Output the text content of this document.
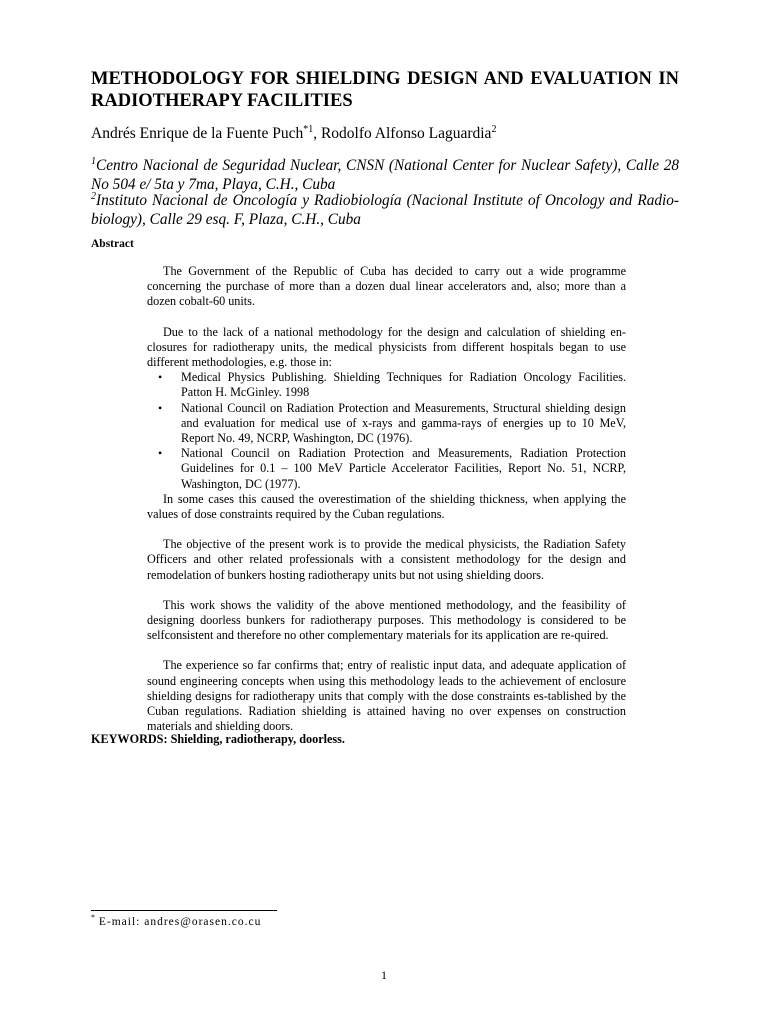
METHODOLOGY FOR SHIELDING DESIGN AND EVALUATION IN RADIOTHERAPY FACILITIES
Andrés Enrique de la Fuente Puch$^{*1}$, Rodolfo Alfonso Laguardia$^2$
$^1$Centro Nacional de Seguridad Nuclear, CNSN (National Center for Nuclear Safety), Calle 28 No 504 e/ 5ta y 7ma, Playa, C.H., Cuba
$^2$Instituto Nacional de Oncología y Radiobiología (Nacional Institute of Oncology and Radio-biology), Calle 29 esq. F, Plaza, C.H., Cuba
Abstract

The Government of the Republic of Cuba has decided to carry out a wide programme concerning the purchase of more than a dozen dual linear accelerators and, also; more than a dozen cobalt-60 units.

Due to the lack of a national methodology for the design and calculation of shielding en-closures for radiotherapy units, the medical physicists from different hospitals began to use different methodologies, e.g. those in:

• Medical Physics Publishing. Shielding Techniques for Radiation Oncology Facilities. Patton H. McGinley. 1998
• National Council on Radiation Protection and Measurements, Structural shielding design and evaluation for medical use of x-rays and gamma-rays of energies up to 10 MeV, Report No. 49, NCRP, Washington, DC (1976).
• National Council on Radiation Protection and Measurements, Radiation Protection Guidelines for 0.1 – 100 MeV Particle Accelerator Facilities, Report No. 51, NCRP, Washington, DC (1977).

In some cases this caused the overestimation of the shielding thickness, when applying the values of dose constraints required by the Cuban regulations.

The objective of the present work is to provide the medical physicists, the Radiation Safety Officers and other related professionals with a consistent methodology for the design and remodelation of bunkers hosting radiotherapy units but not using shielding doors.

This work shows the validity of the above mentioned methodology, and the feasibility of designing doorless bunkers for radiotherapy purposes. This methodology is considered to be selfconsistent and therefore no other complementary materials for its application are re-quired.

The experience so far confirms that; entry of realistic input data, and adequate application of sound engineering concepts when using this methodology leads to the achievement of enclosure shielding designs for radiotherapy units that comply with the dose constraints es-tablished by the Cuban regulations. Radiation shielding is attained having no over expenses on construction materials and shielding doors.

KEYWORDS: Shielding, radiotherapy, doorless.
* E-mail: andres@orasen.co.cu
1
